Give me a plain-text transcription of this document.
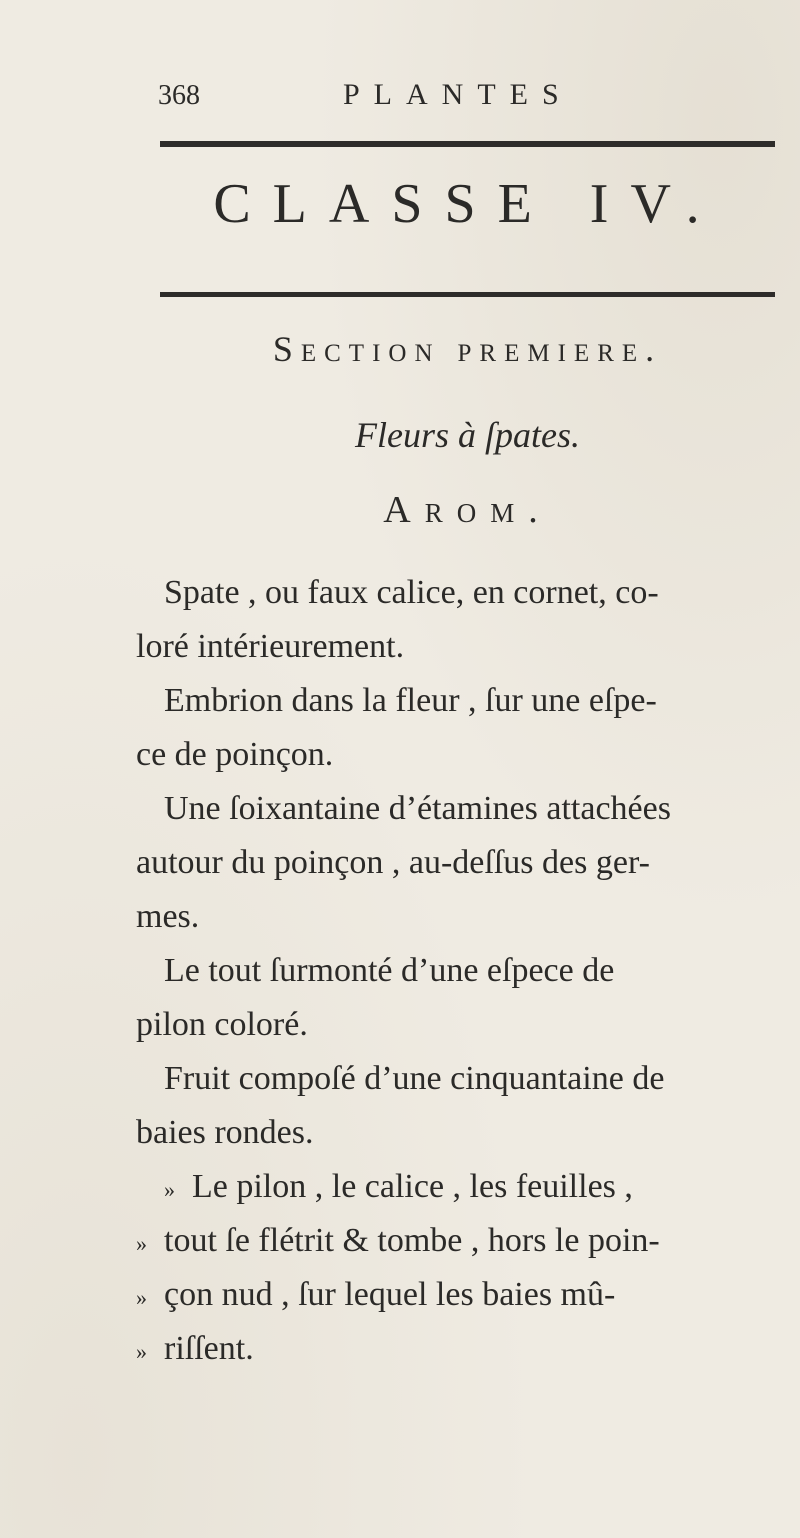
368	PLANTES
CLASSE IV.
Section premiere.
Fleurs à ſpates.
Arom.
Spate , ou faux calice, en cornet, co-
loré intérieurement.
Embrion dans la fleur , ſur une eſpe-
ce de poinçon.
Une ſoixantaine d’étamines attachées
autour du poinçon , au-deſſus des ger-
mes.
Le tout ſurmonté d’une eſpece de
pilon coloré.
Fruit compoſé d’une cinquantaine de
baies rondes.
» Le pilon , le calice , les feuilles ,
» tout ſe flétrit & tombe , hors le poin-
» çon nud , ſur lequel les baies mû-
» riſſent.
